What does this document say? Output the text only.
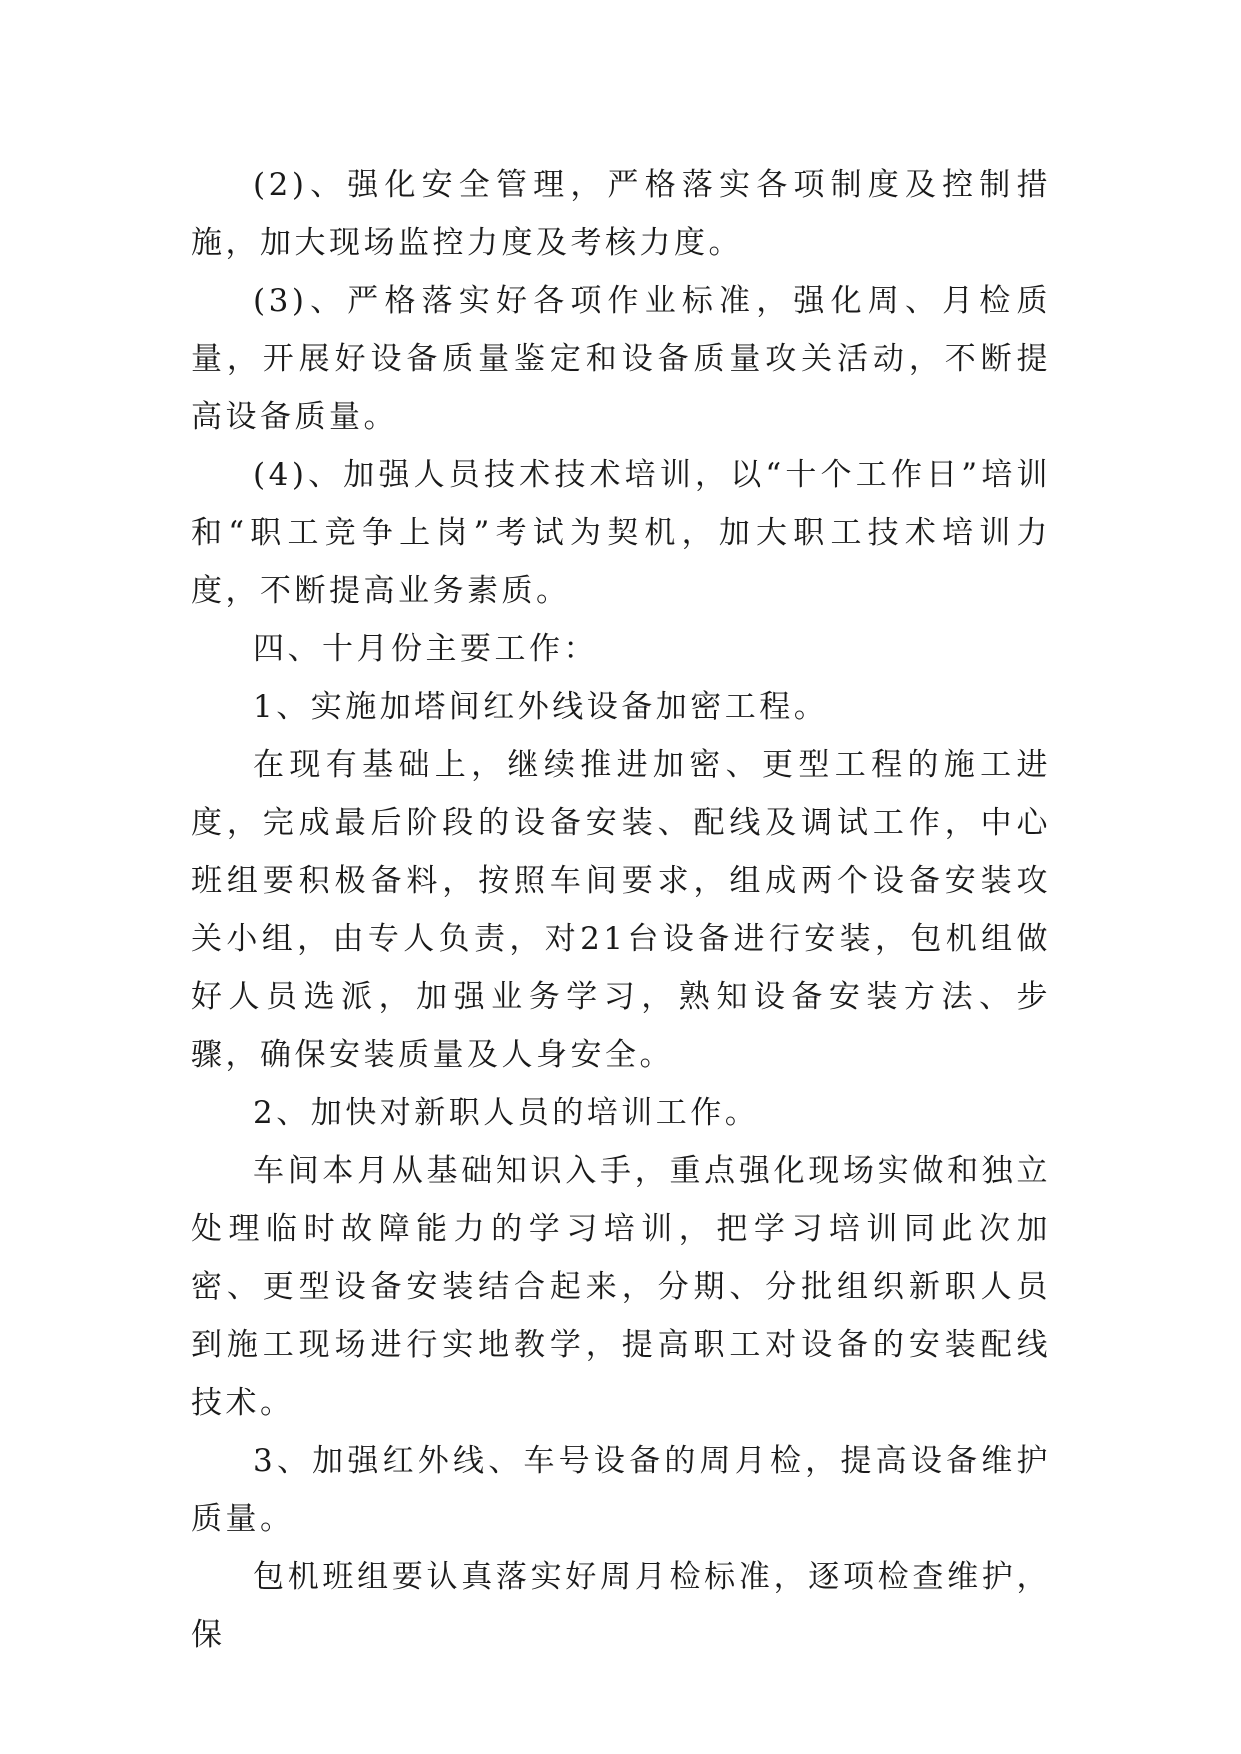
(2)、强化安全管理，严格落实各项制度及控制措施，加大现场监控力度及考核力度。

(3)、严格落实好各项作业标准，强化周、月检质量，开展好设备质量鉴定和设备质量攻关活动，不断提高设备质量。

(4)、加强人员技术技术培训，以“十个工作日”培训和“职工竞争上岗”考试为契机，加大职工技术培训力度，不断提高业务素质。

四、十月份主要工作：

1、实施加塔间红外线设备加密工程。

在现有基础上，继续推进加密、更型工程的施工进度，完成最后阶段的设备安装、配线及调试工作，中心班组要积极备料，按照车间要求，组成两个设备安装攻关小组，由专人负责，对21台设备进行安装，包机组做好人员选派，加强业务学习，熟知设备安装方法、步骤，确保安装质量及人身安全。

2、加快对新职人员的培训工作。

车间本月从基础知识入手，重点强化现场实做和独立处理临时故障能力的学习培训，把学习培训同此次加密、更型设备安装结合起来，分期、分批组织新职人员到施工现场进行实地教学，提高职工对设备的安装配线技术。

3、加强红外线、车号设备的周月检，提高设备维护质量。

包机班组要认真落实好周月检标准，逐项检查维护，保
